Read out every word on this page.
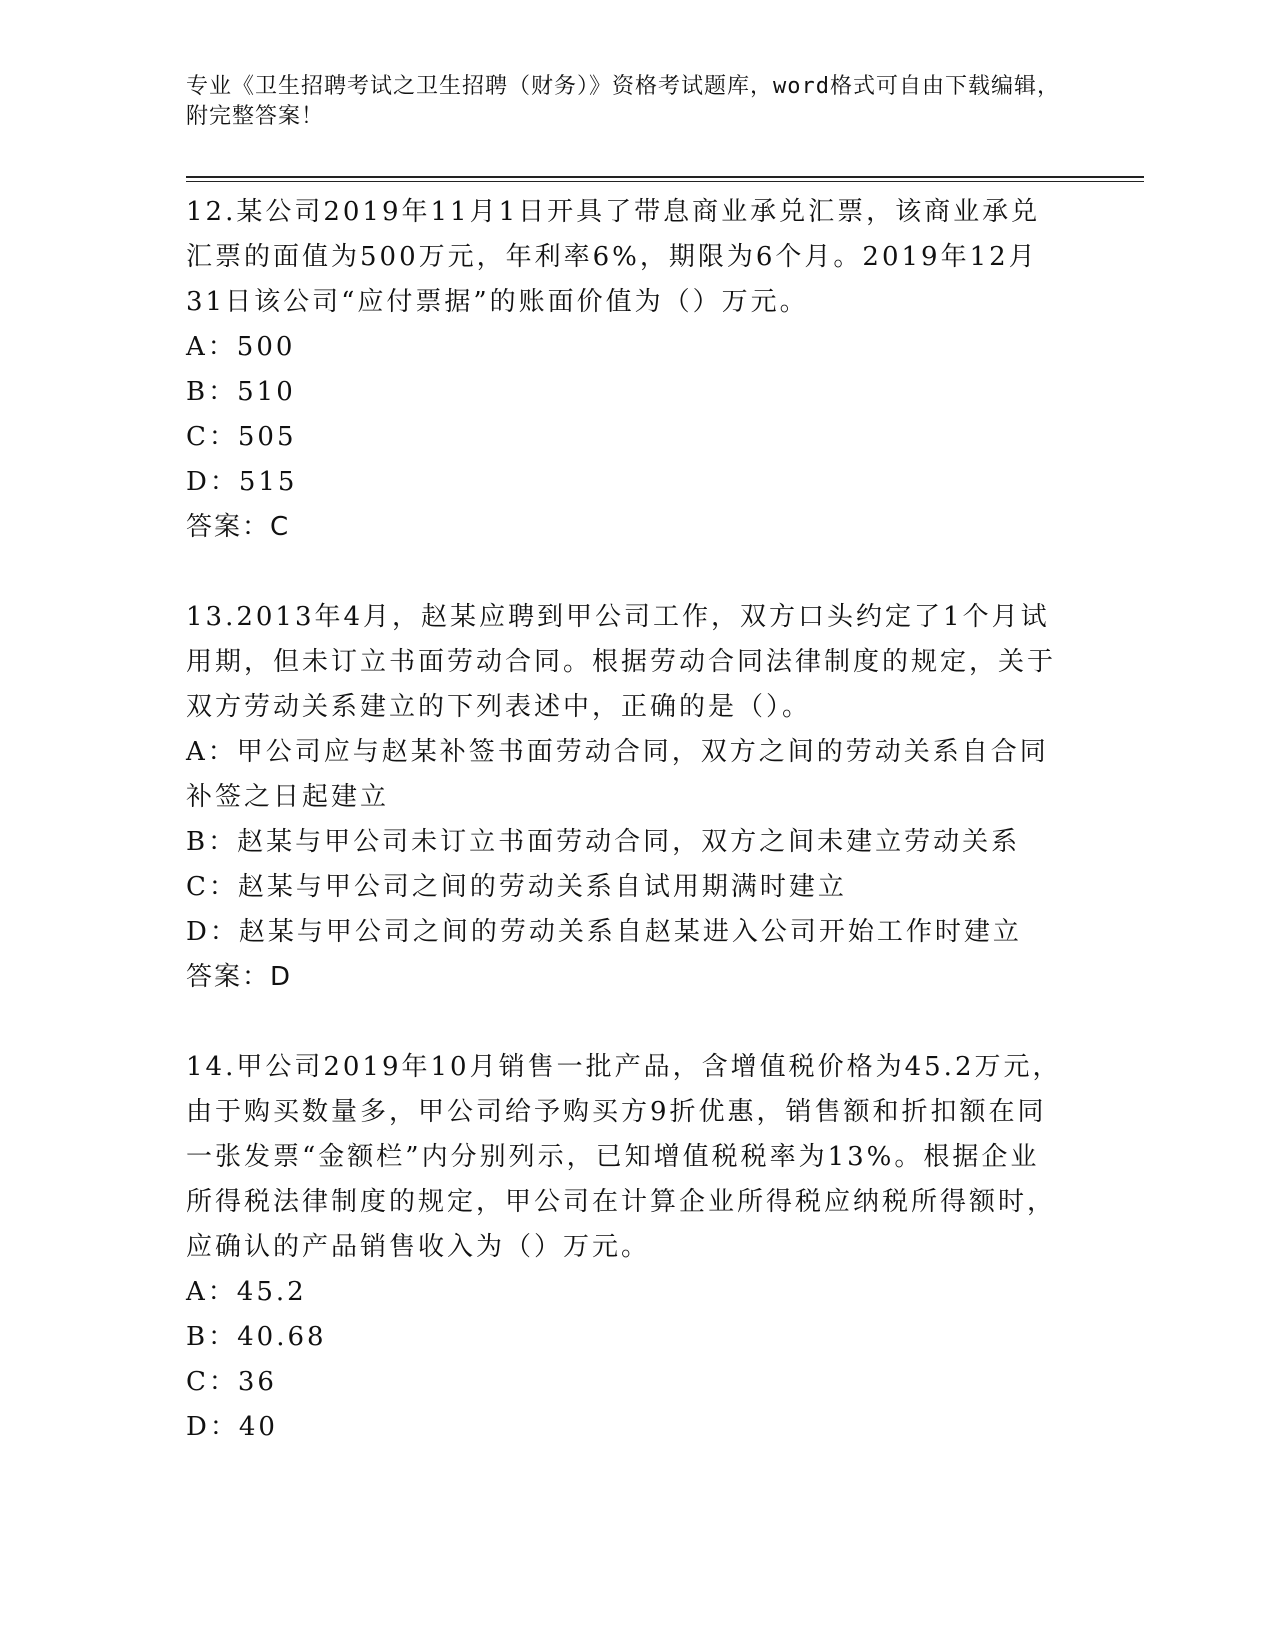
专业《卫生招聘考试之卫生招聘（财务）》资格考试题库，word格式可自由下载编辑，附完整答案！

12.某公司2019年11月1日开具了带息商业承兑汇票，该商业承兑汇票的面值为500万元，年利率6%，期限为6个月。2019年12月31日该公司“应付票据”的账面价值为（）万元。

A：500

B：510

C：505

D：515

答案：C

13.2013年4月，赵某应聘到甲公司工作，双方口头约定了1个月试用期，但未订立书面劳动合同。根据劳动合同法律制度的规定，关于双方劳动关系建立的下列表述中，正确的是（）。

A：甲公司应与赵某补签书面劳动合同，双方之间的劳动关系自合同补签之日起建立

B：赵某与甲公司未订立书面劳动合同，双方之间未建立劳动关系

C：赵某与甲公司之间的劳动关系自试用期满时建立

D：赵某与甲公司之间的劳动关系自赵某进入公司开始工作时建立

答案：D

14.甲公司2019年10月销售一批产品，含增值税价格为45.2万元，由于购买数量多，甲公司给予购买方9折优惠，销售额和折扣额在同一张发票“金额栏”内分别列示，已知增值税税率为13%。根据企业所得税法律制度的规定，甲公司在计算企业所得税应纳税所得额时，应确认的产品销售收入为（）万元。

A：45.2

B：40.68

C：36

D：40
